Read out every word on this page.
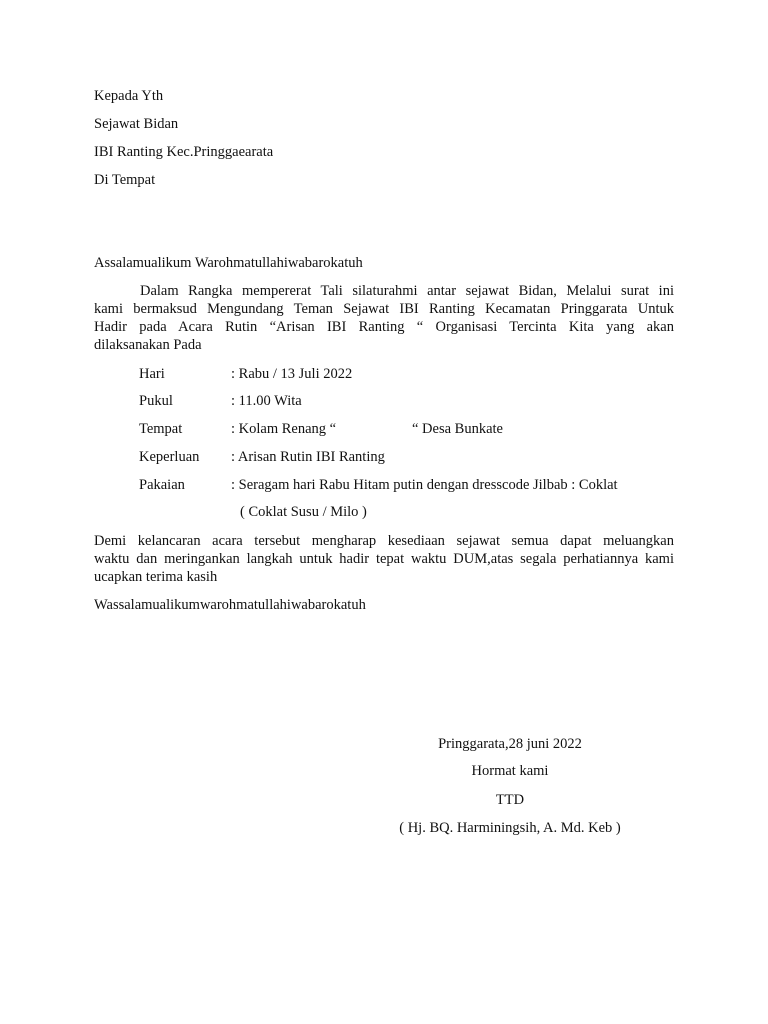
Kepada Yth
Sejawat Bidan
IBI Ranting Kec.Pringgaearata
Di Tempat
Assalamualikum Warohmatullahiwabarokatuh
Dalam Rangka mempererat Tali silaturahmi antar sejawat Bidan, Melalui surat ini
kami bermaksud Mengundang Teman Sejawat IBI Ranting Kecamatan Pringgarata Untuk
Hadir pada Acara Rutin “Arisan IBI Ranting “ Organisasi Tercinta Kita yang akan
dilaksanakan Pada
Hari	: Rabu / 13 Juli 2022
Pukul	: 11.00 Wita
Tempat	: Kolam Renang “	“ Desa Bunkate
Keperluan : Arisan Rutin IBI Ranting
Pakaian	: Seragam hari Rabu Hitam putin dengan dresscode Jilbab : Coklat
( Coklat Susu / Milo )
Demi kelancaran acara tersebut mengharap kesediaan sejawat semua dapat meluangkan
waktu dan meringankan langkah untuk hadir tepat waktu DUM,atas segala perhatiannya kami
ucapkan terima kasih
Wassalamualikumwarohmatullahiwabarokatuh
Pringgarata,28 juni 2022
Hormat kami
TTD
( Hj. BQ. Harminingsih, A. Md. Keb )
